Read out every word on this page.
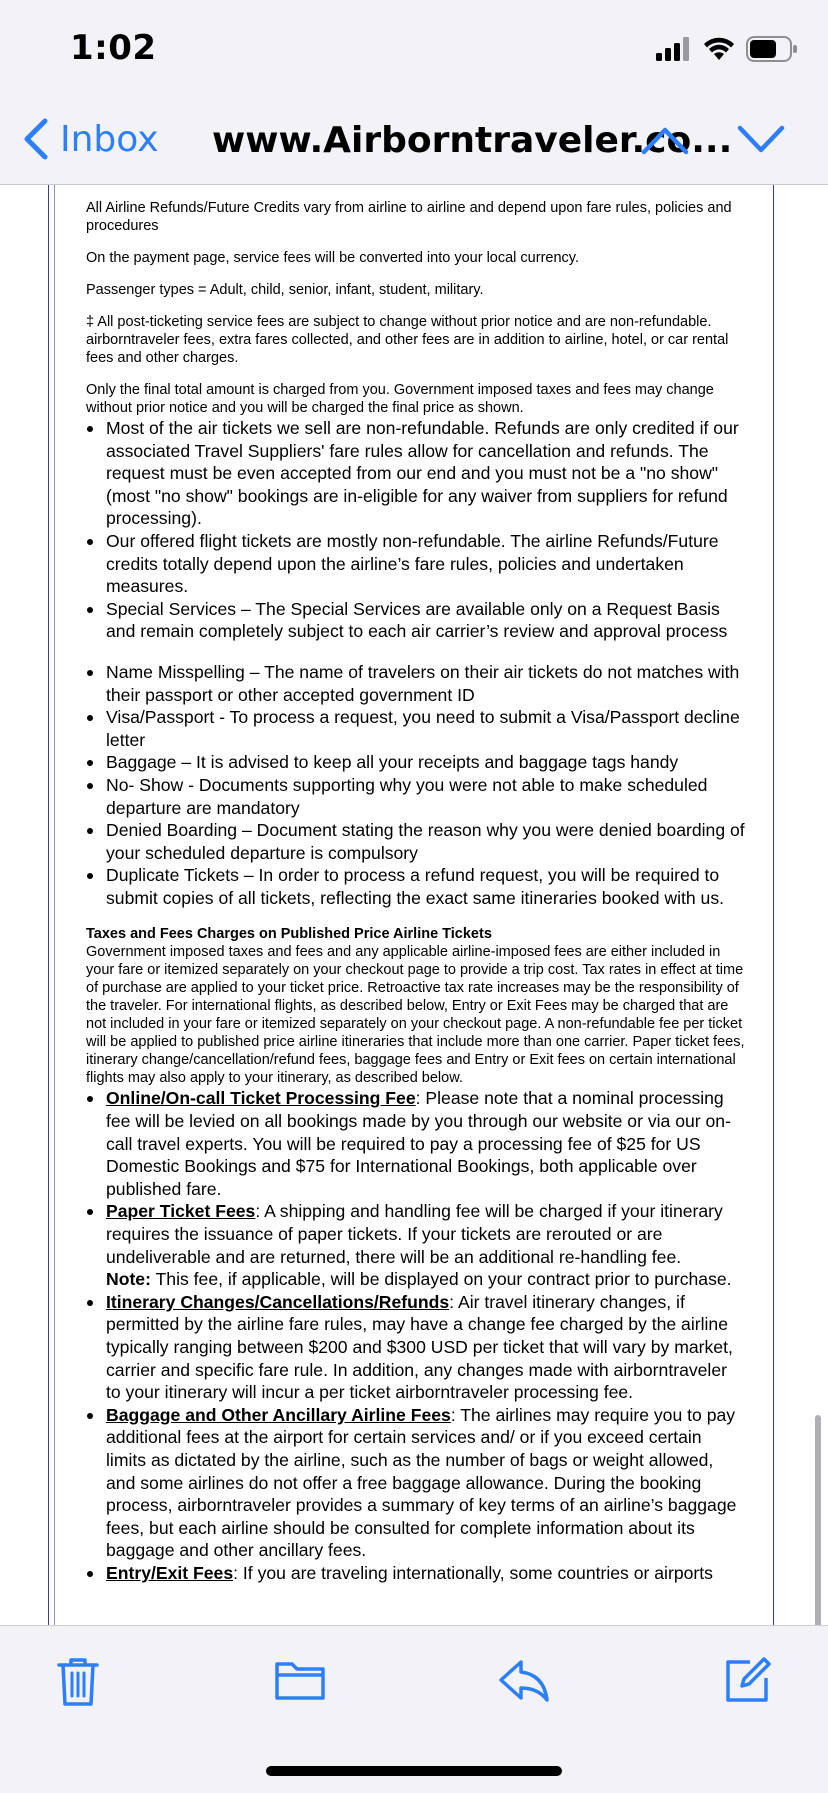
1:02
Inbox www.Airborntraveler.co...

All Airline Refunds/Future Credits vary from airline to airline and depend upon fare rules, policies and procedures

On the payment page, service fees will be converted into your local currency.

Passenger types = Adult, child, senior, infant, student, military.

‡ All post-ticketing service fees are subject to change without prior notice and are non-refundable. airborntraveler fees, extra fares collected, and other fees are in addition to airline, hotel, or car rental fees and other charges.

Only the final total amount is charged from you. Government imposed taxes and fees may change without prior notice and you will be charged the final price as shown.

Most of the air tickets we sell are non-refundable. Refunds are only credited if our associated Travel Suppliers' fare rules allow for cancellation and refunds. The request must be even accepted from our end and you must not be a "no show" (most "no show" bookings are in-eligible for any waiver from suppliers for refund processing).
Our offered flight tickets are mostly non-refundable. The airline Refunds/Future credits totally depend upon the airline’s fare rules, policies and undertaken measures.
Special Services – The Special Services are available only on a Request Basis and remain completely subject to each air carrier’s review and approval process
Name Misspelling – The name of travelers on their air tickets do not matches with their passport or other accepted government ID
Visa/Passport - To process a request, you need to submit a Visa/Passport decline letter
Baggage – It is advised to keep all your receipts and baggage tags handy
No- Show - Documents supporting why you were not able to make scheduled departure are mandatory
Denied Boarding – Document stating the reason why you were denied boarding of your scheduled departure is compulsory
Duplicate Tickets – In order to process a refund request, you will be required to submit copies of all tickets, reflecting the exact same itineraries booked with us.
Taxes and Fees Charges on Published Price Airline Tickets

Government imposed taxes and fees and any applicable airline-imposed fees are either included in your fare or itemized separately on your checkout page to provide a trip cost. Tax rates in effect at time of purchase are applied to your ticket price. Retroactive tax rate increases may be the responsibility of the traveler. For international flights, as described below, Entry or Exit Fees may be charged that are not included in your fare or itemized separately on your checkout page. A non-refundable fee per ticket will be applied to published price airline itineraries that include more than one carrier. Paper ticket fees, itinerary change/cancellation/refund fees, baggage fees and Entry or Exit fees on certain international flights may also apply to your itinerary, as described below.

Online/On-call Ticket Processing Fee: Please note that a nominal processing fee will be levied on all bookings made by you through our website or via our on-call travel experts. You will be required to pay a processing fee of $25 for US Domestic Bookings and $75 for International Bookings, both applicable over published fare.
Paper Ticket Fees: A shipping and handling fee will be charged if your itinerary requires the issuance of paper tickets. If your tickets are rerouted or are undeliverable and are returned, there will be an additional re-handling fee.
Note: This fee, if applicable, will be displayed on your contract prior to purchase.
Itinerary Changes/Cancellations/Refunds: Air travel itinerary changes, if permitted by the airline fare rules, may have a change fee charged by the airline typically ranging between $200 and $300 USD per ticket that will vary by market, carrier and specific fare rule. In addition, any changes made with airborntraveler to your itinerary will incur a per ticket airborntraveler processing fee.
Baggage and Other Ancillary Airline Fees: The airlines may require you to pay additional fees at the airport for certain services and/ or if you exceed certain limits as dictated by the airline, such as the number of bags or weight allowed, and some airlines do not offer a free baggage allowance. During the booking process, airborntraveler provides a summary of key terms of an airline’s baggage fees, but each airline should be consulted for complete information about its baggage and other ancillary fees.
Entry/Exit Fees: If you are traveling internationally, some countries or airports
